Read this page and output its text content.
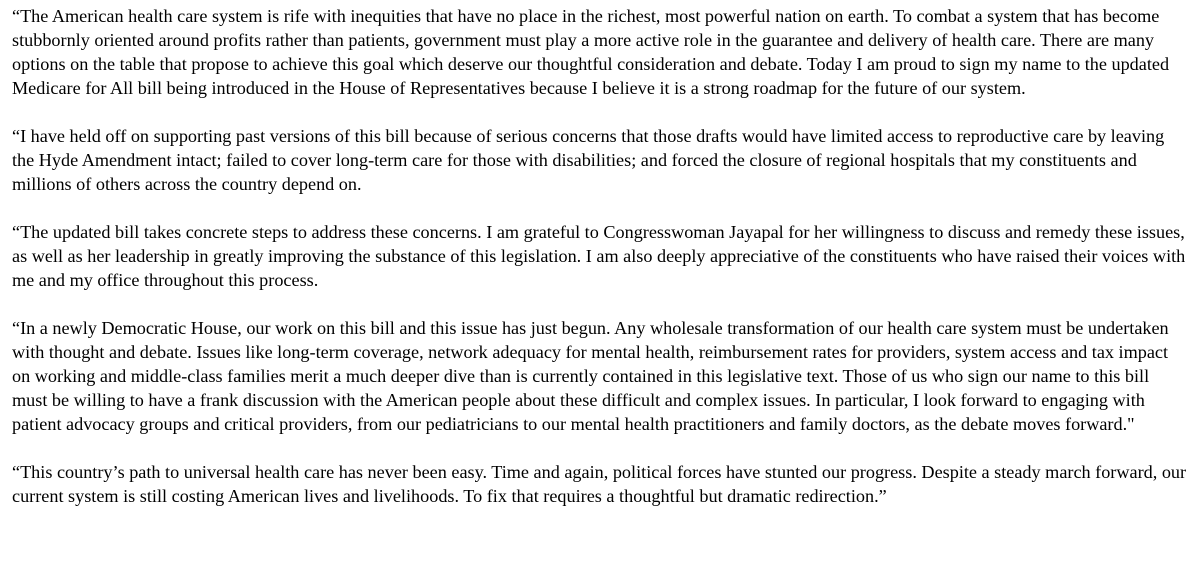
“The American health care system is rife with inequities that have no place in the richest, most powerful nation on earth. To combat a system that has become stubbornly oriented around profits rather than patients, government must play a more active role in the guarantee and delivery of health care. There are many options on the table that propose to achieve this goal which deserve our thoughtful consideration and debate. Today I am proud to sign my name to the updated Medicare for All bill being introduced in the House of Representatives because I believe it is a strong roadmap for the future of our system.

“I have held off on supporting past versions of this bill because of serious concerns that those drafts would have limited access to reproductive care by leaving the Hyde Amendment intact; failed to cover long-term care for those with disabilities; and forced the closure of regional hospitals that my constituents and millions of others across the country depend on.

“The updated bill takes concrete steps to address these concerns. I am grateful to Congresswoman Jayapal for her willingness to discuss and remedy these issues, as well as her leadership in greatly improving the substance of this legislation. I am also deeply appreciative of the constituents who have raised their voices with me and my office throughout this process.

“In a newly Democratic House, our work on this bill and this issue has just begun. Any wholesale transformation of our health care system must be undertaken with thought and debate. Issues like long-term coverage, network adequacy for mental health, reimbursement rates for providers, system access and tax impact on working and middle-class families merit a much deeper dive than is currently contained in this legislative text. Those of us who sign our name to this bill must be willing to have a frank discussion with the American people about these difficult and complex issues. In particular, I look forward to engaging with patient advocacy groups and critical providers, from our pediatricians to our mental health practitioners and family doctors, as the debate moves forward."

“This country’s path to universal health care has never been easy. Time and again, political forces have stunted our progress. Despite a steady march forward, our current system is still costing American lives and livelihoods. To fix that requires a thoughtful but dramatic redirection.”
